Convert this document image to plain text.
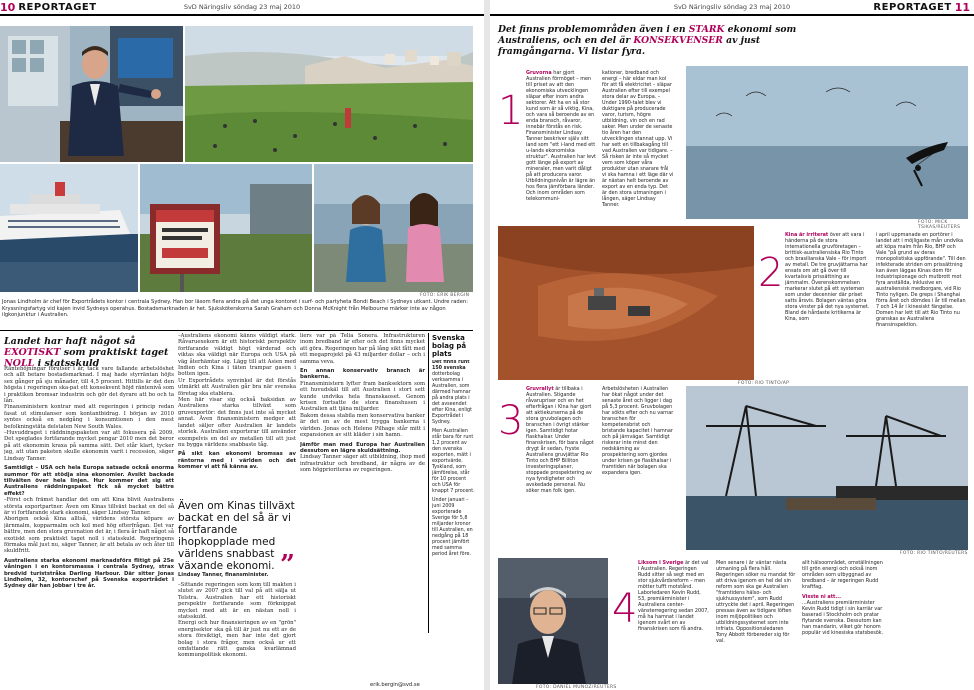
10 REPORTAGET	SvD Näringsliv söndag 23 maj 2010
FOTO: ERIK BERGIN
Jonas Lindholm är chef för Exportrådets kontor i centrala Sydney. Han bor läsom flera andra på det unga kontoret i surf- och partyheta Bondi Beach i Sydneys utkant. Undre raden: Kryssningsfartyg vid kajen invid Sydneys operahus. Bostadsmarknaden är het. Sjuksköterskorna Sarah Graham och Donna McKnight från Melbourne märker inte av någon ilgkonjunktur i Australien.
Landet har haft något så EXOTISKT som praktiskt taget NOLL i statsskuld

Räntehöjningar förutser i år, tack vare fallande arbetslöshet och allt betare bostadsmarknad. I maj hade styrräntan höjts sex gånger på sju månader, till 4,5 procent. Hittills är det den högsta i regeringen ska-pat ett konsekvent höjd räntenivå som i praktiken bromsar industrin och gör det dyrare att bo och ta lån.

Finansministern kontrar med att regeringen i princip redan fasat ut stimulanser som kontantbidrag. I början av 2010 syntes också en nedgång i konsumtionen i den mest befolkningstäta delstaten New South Wales.

–Huvuddraget i räddningspaketen var att fokusera på 2009. Det speglades fortfarande mycket pengar 2010 men det beror på att ekonomin kraxa på samma sätt. Det står klart, tycker jag, att utan paketen skulle ekonomin varit i recession, säger Lindsay Tanner.

Samtidigt – USA och hela Europa satsade också enorma summor för att stödja sina ekonomier. Avsikt backade tillvälten över hela linjen. Hur kommer det sig att Australiens räddningspaket fick så mycket bättre effekt?

–Först och främst handlar det om att Kina blivit Australiens största exportpartner. Även om Kinas tillväxt backat en del så är vi fortfarande stark ekonomi, säger Lindsay Tanner.

Aborigen också Kina alltså, världens största köpare av järnmalm, kopparmalm och kol med hög efterfrågan. Det var bättre, men den stora gruvnation det är, i flera år haft något så exotiskt som praktiskt taget noll i statsskuld. Regeringens förmaka mål just nu, säger Tanner, är att betala av och åter till skuldfritt.

Australiens starka ekonomi marknadsförs flitigt på 25e våningen i en kontorsmassa i centrala Sydney, strax bredvid turiststråka Darling Harbour. Där sitter Jonas Lindholm, 32, kontorschef på Svenska exportrådet i Sydney där han jobbar i tre år.

–Australiens ekonomi känns väldigt stark. Råvaruexekorn är ett historiskt perspektiv fortfarande väldigt högt värderad och viktas ska väldigt när Europa och USA på väg återhämtar sig. Lägg till att Asien med Indien och Kina i täten trampar gasen i botten igen.

Ur Exportrådets synvinkel är det förstås utmärkt att Australien går bra när svenska företag ska etablera.

Men här visar sig också baksidan av Australiens starka tillväxt som gruvexportör: det finns just inte så mycket annat. Även finansministern medger att landet säljer ofter Australien är landets storlek. Australien exporterar till använder exempelvis en del av metallen till att just nu bygga världens snabbaste tåg.

På sikt kan ekonomi bromsas av räntorna med i världen och det kommer vi att få känna av.

Även om Kinas tillväxt backat en del så är vi fortfarande ihopkopplade med världens snabbast växande ekonomi. ”
Lindsay Tanner, finansminister.

–Sittande regeringen som kom till makten i slutet av 2007 gick till val på att sälja ut Telstra. Australien har ett historiskt perspektiv fortfarande som förknippat mycket med att är en nästan noll i statsskuld.

Energi och hur finansieringen av en "grön" energisektor ska gå till är just nu ett av de stora försiktigt, men har inte det gjort bolag i stora frågor, men också ur ett omfattande rätt ganska kvarlämnad kommunpolitisk ekonomi.

liers var på Telia Sonera. Infrastrukturen inom bredband är efter och det finns mycket att göra. Regeringen har på lång sikt fått med ett megaprojekt på 43 miljarder dollar – och i samma veva.

En annan konservativ bransch är bankerna.

Finansministern lyfter fram banksektorn som ett huvudskäl till att Australien i stort sett kunde undvika hela finanskaoset. Genom krisen fortsatte de stora finanshusen i Australien att tjäna miljarder.

Bakom dessa stabila men konservativa banker är det en av de mest trygga bankerna i världen. Jonas och Helene Pilhage står mitt i expansionen av sitt kläder i sin hamn.

Jämför man med Europa har Australien dessutom en lägre skuldsättning.

Lindsay Tanner säger att utbildning, ihop med infrastruktur och bredband, är några av de som högprioriteras av regeringen.

erik.bergin@svd.se
Svenska bolag på plats

Det finns runt 150 svenska

dotterbolag verksamma i Australien, som därmed hamnar på andra plats i det avseendet efter Kina, enligt Exportrådet i Sydney.

Men Australien står bara för runt 1,2 procent av den svenska exporten, mätt i exportvärde. Tyskland, som jämförelse, står för 10 procent och USA för knappt 7 procent.

Under januari –juni 2009 exporterade Sverige för 5,8 miljarder kronor till Australien, en nedgång på 18 procent jämfört med samma period året före.

SvD Näringsliv söndag 23 maj 2010	REPORTAGET 11
Det finns problemområden även i en STARK ekonomi som Australiens, och en del är KONSEKVENSER av just framgångarna. Vi listar fyra.
1
Gruvorna har gjort Australien förmöget – men till priset av att den ekonomiska utvecklingen släpar efter inom andra sektorer. Att ha en så stor kund som är så viktig, Kina, och vara så beroende av en enda bransch, råvaror, innebär förstås en risk. Finansminister Lindsay Tanner beskriver själv sitt land som "ett i-land med ett u-lands ekonomiska struktur". Australien har levt gott länge på export av mineraler, men varit dåligt på att producera varor. Utbildningsnivån är lägre än hos flera jämförbara länder. Och inom områden som telekommuni-
kationer, bredband och energi – här eldar man kol för att få elektricitet – släpar Australien efter till exempel stora delar av Europa. – Under 1990-talet blev vi duktigare på producerade varor, turism, högre utbildning, vin och en rad saker. Men under de senaste tio åren har den utvecklingen stannat upp. Vi har sett en tillbakagång till vad Australien var tidigare. – Så risken är inte så mycket vem som köper våra produkter utan snarare frål vi ska hamna i ett läge där vi är nästan helt beroende av export av en enda typ. Det är den stora utmaningen i lången, säger Lindsay Tanner.
FOTO: MICK TSIKAS/REUTERS
FOTO: RIO TINTO/AP
2
Kina är irriterat över att vara i händerna på de stora internationella gruvföretagen – brittisk-australiensiska Rio Tinto och brasilianska Vale – för import av metall. De tre gruvjättarna har ensats om att gå över till kvartalsvis prissättning av järnmalm. Överenskommelsen markerar slutet på ett systemen som under decennier där priset satts årsvis. Bolagen väntas göra stora vinster på det nya systemet. Bland de hårdaste kritikerna är Kina, som
i april uppmanade en portörer i landet att i möjligaste mån undvika att köpa malm från Rio, BHP och Vale "på grund av deras monopolistiska uppförande". Till den infekterade striden om prissättning kan även läggas Kinas dom för industrispionage och mutbrott mot fyra anställda, inklusive en australiensisk medborgare, vid Rio Tinto nyligen. De greps i Shanghai förra året och dömdes i år till mellan 7 och 14 år i kinesiskt fängelse. Domen har lett till att Rio Tinto nu granskas av Australiens finansinspektion.
3
Gruvrallyt är tillbaka i Australien. Stigande råvarupriser och en het efterfrågan i Kina har gjort att aktiekurserna på de stora gruvbolagen och branschen i övrigt stärker igen. Samtidigt hotar flaskhalsar. Under finanskrisen, för bara något drygt år sedan, fryste Australiens gruvjättar Rio Tinto och BHP Billiton investeringsplaner, stoppade prospektering av nya fyndigheter och avskedade personal. Nu söker man folk igen.
Arbetslösheten i Australien har ökat något under det senaste året och ligger i dag på 5,3 procent. Gruvbolagen har sökts efter och nu varnar branschen för kompetensbrist och bristande kapacitet i hamnar och på järnvägar. Samtidigt riskerar inte minst den nedskärning av prospektering som gjordes under krisen ge flaskhalsar i framtiden när bolagen ska expandera igen.
FOTO: RIO TINTO/REUTERS
FOTO: DANIEL MUNOZ/REUTERS
4
Liksom i Sverige är det val i Australien. Regeringen Rudd sitter så segt med en stor sjukvårdsreform – men mötter tufft motstånd. Laborledaren Kevin Rudd, 53, premiärminister i Australiens center-vänsterregering sedan 2007, må ha hamnat i landet igenom svårt en av finanskrisen som få andra.
Men senare i år väntar nästa utmaning på flera håll. Regeringen söker nu mandat för att driva igenom en hel del sin reform som ska ge Australien "framtidens hälso- och sjukhussystem", som Rudd uttryckte det i april. Regeringen pressas även av tidigare löften inom miljöpolitiken och utbildningssystemet som inte infriats. Oppositionsledaren Tony Abbott förbereder sig för val.

allt hälsoområdet, omställningen till grön energi och också inom områden som utbyggnad av bredband – är regeringen Rudd kraftfag.

Visste ni att...

...Australiens premiärminister Kevin Rudd tidigt i sin karriär var baserad i Stockholm och pratar flytande svenska. Dessutom kan han mandarin, vilket gör honom populär vid kinesiska statsbesök.
